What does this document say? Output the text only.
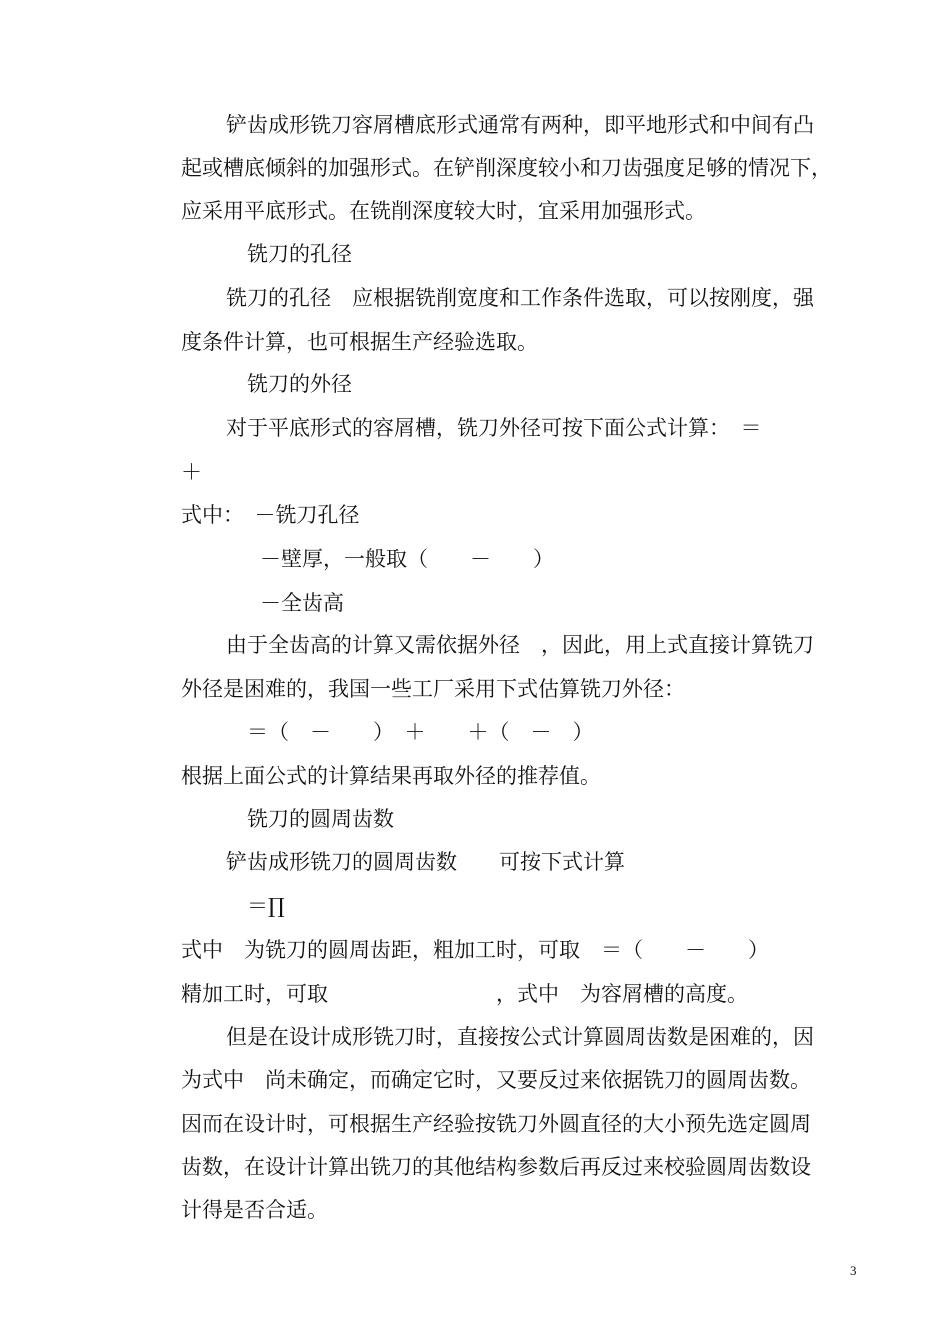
铲齿成形铣刀容屑槽底形式通常有两种，即平地形式和中间有凸
起或槽底倾斜的加强形式。在铲削深度较小和刀齿强度足够的情况下，
应采用平底形式。在铣削深度较大时，宜采用加强形式。
铣刀的孔径
铣刀的孔径　应根据铣削宽度和工作条件选取，可以按刚度，强
度条件计算，也可根据生产经验选取。
铣刀的外径
对于平底形式的容屑槽，铣刀外径可按下面公式计算：　＝
＋
式中：　－铣刀孔径
－壁厚，一般取（　　－　　）
－全齿高
由于全齿高的计算又需依据外径　，因此，用上式直接计算铣刀
外径是困难的，我国一些工厂采用下式估算铣刀外径：
＝（　－　　）　＋　　＋（　－　）
根据上面公式的计算结果再取外径的推荐值。
铣刀的圆周齿数
铲齿成形铣刀的圆周齿数　　可按下式计算
＝∏
式中　为铣刀的圆周齿距，粗加工时，可取　＝（　　－　　）
精加工时，可取　　　　　　　　，式中　为容屑槽的高度。
但是在设计成形铣刀时，直接按公式计算圆周齿数是困难的，因
为式中　尚未确定，而确定它时，又要反过来依据铣刀的圆周齿数。
因而在设计时，可根据生产经验按铣刀外圆直径的大小预先选定圆周
齿数，在设计计算出铣刀的其他结构参数后再反过来校验圆周齿数设
计得是否合适。
3
